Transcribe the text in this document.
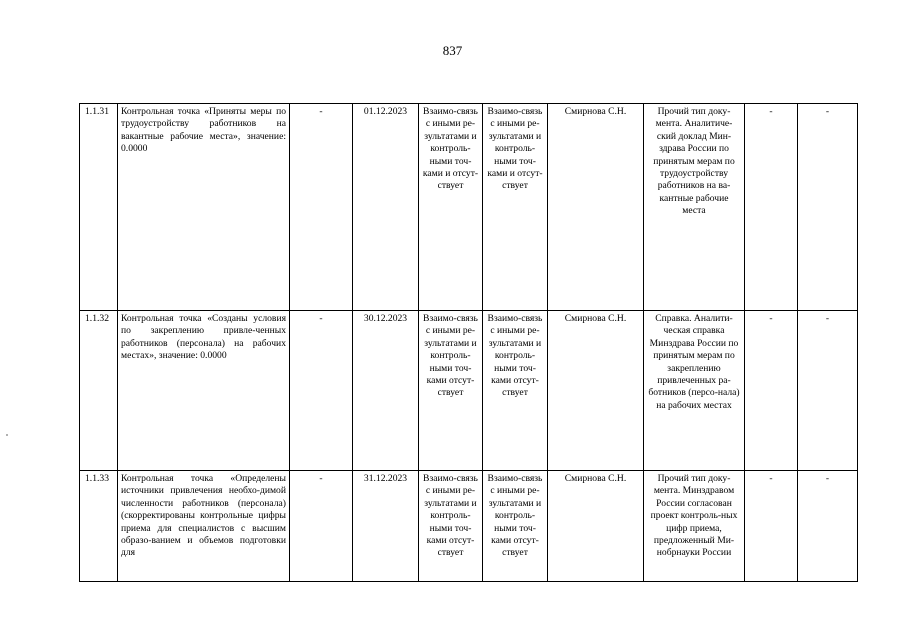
837
1.1.31	Контрольная точка «Приняты меры по трудоустройству работников на вакантные рабочие места», значение: 0.0000	-	01.12.2023	Взаимо-связь с иными ре-зультатами и контроль-ными точ-ками и отсут-ствует	Взаимо-связь с иными ре-зультатами и контроль-ными точ-ками и отсут-ствует	Смирнова С.Н.	Прочий тип доку-мента. Аналитиче-ский доклад Мин-здрава России по принятым мерам по трудоустройству работников на ва-кантные рабочие места	-	-
1.1.32	Контрольная точка «Созданы условия по закреплению привле-ченных работников (персонала) на рабочих местах», значение: 0.0000	-	30.12.2023	Взаимо-связь с иными ре-зультатами и контроль-ными точ-ками отсут-ствует	Взаимо-связь с иными ре-зультатами и контроль-ными точ-ками отсут-ствует	Смирнова С.Н.	Справка. Аналити-ческая справка Минздрава России по принятым мерам по закреплению привлеченных ра-ботников (персо-нала) на рабочих местах	-	-
1.1.33	Контрольная точка «Определены источники привлечения необхо-димой численности работников (персонала) (скорректированы контрольные цифры приема для специалистов с высшим образо-ванием и объемов подготовки для	-	31.12.2023	Взаимо-связь с иными ре-зультатами и контроль-ными точ-ками отсут-ствует	Взаимо-связь с иными ре-зультатами и контроль-ными точ-ками отсут-ствует	Смирнова С.Н.	Прочий тип доку-мента. Минздравом России согласован проект контроль-ных цифр приема, предложенный Ми-нобрнауки России	-	-
